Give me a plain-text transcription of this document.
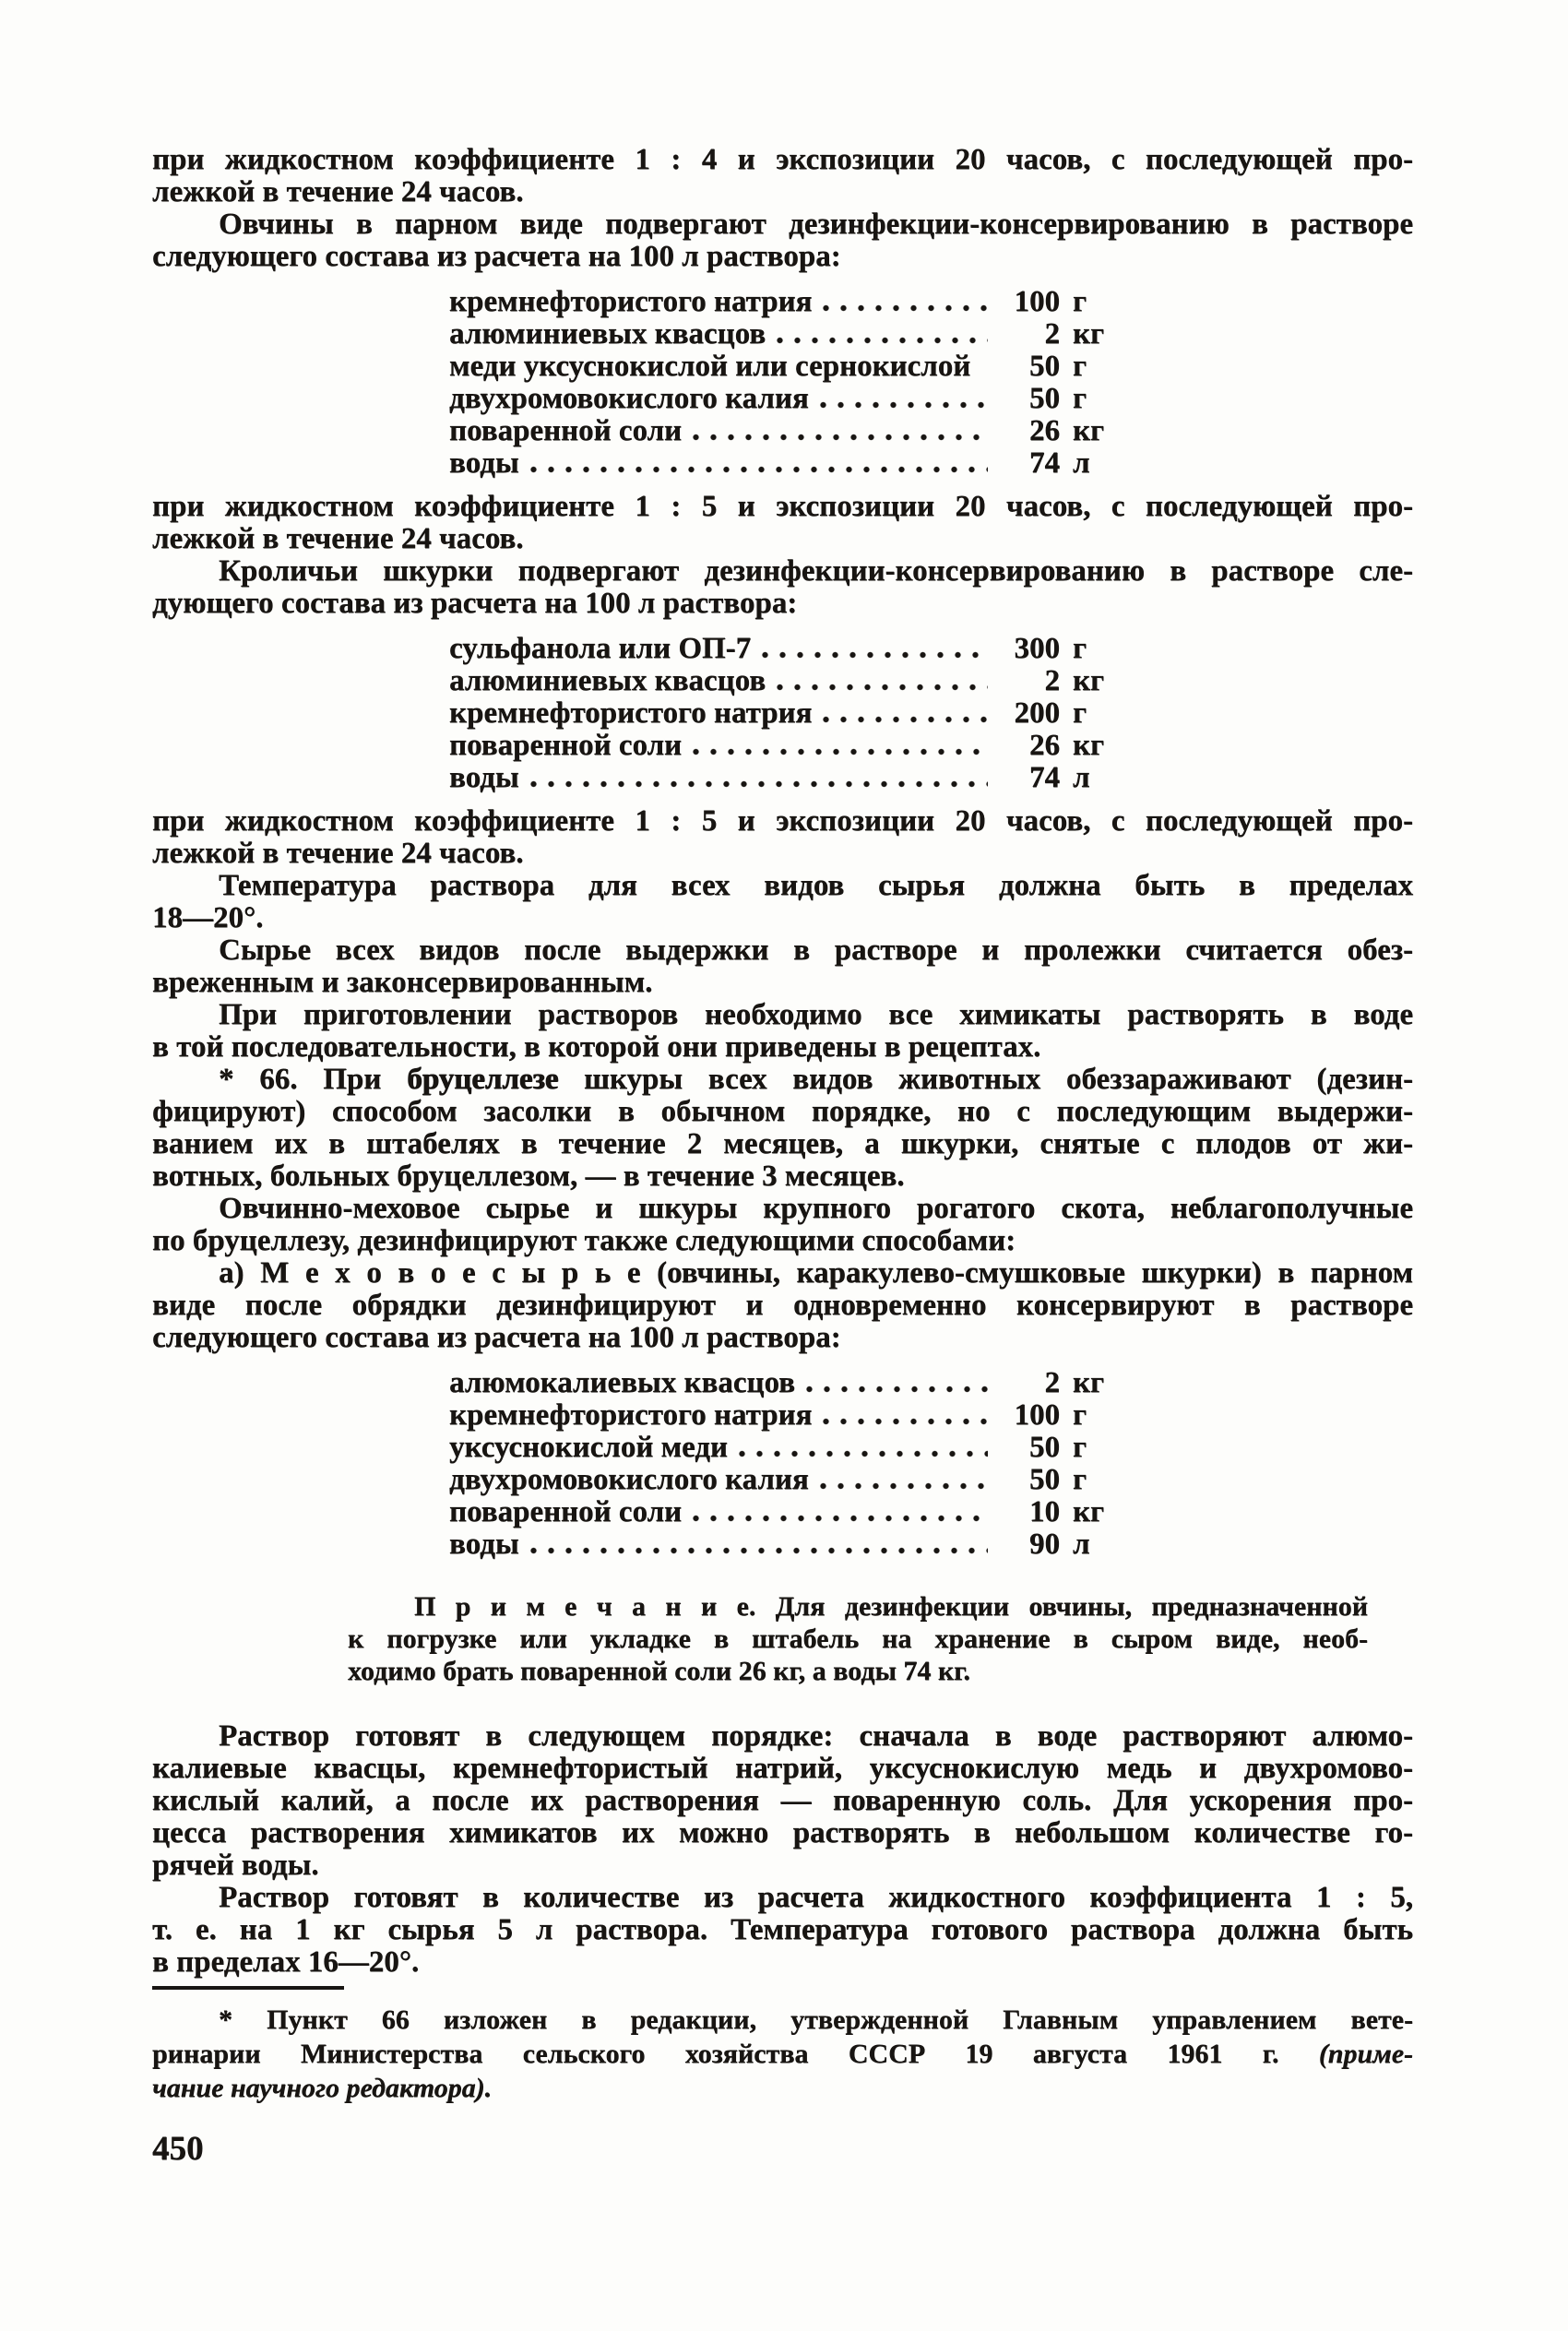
при жидкостном коэффициенте 1 : 4 и экспозиции 20 часов, с последующей про-
лежкой в течение 24 часов.
Овчины в парном виде подвергают дезинфекции-консервированию в растворе
следующего состава из расчета на 100 л раствора:
кремнефтористого натрия	100 г
алюминиевых квасцов	2 кг
меди уксуснокислой или сернокислой	50 г
двухромовокислого калия	50 г
поваренной соли	26 кг
воды	74 л
при жидкостном коэффициенте 1 : 5 и экспозиции 20 часов, с последующей про-
лежкой в течение 24 часов.
Кроличьи шкурки подвергают дезинфекции-консервированию в растворе сле-
дующего состава из расчета на 100 л раствора:
сульфанола или ОП-7	300 г
алюминиевых квасцов	2 кг
кремнефтористого натрия	200 г
поваренной соли	26 кг
воды	74 л
при жидкостном коэффициенте 1 : 5 и экспозиции 20 часов, с последующей про-
лежкой в течение 24 часов.
Температура раствора для всех видов сырья должна быть в пределах
18—20°.
Сырье всех видов после выдержки в растворе и пролежки считается обез-
вреженным и законсервированным.
При приготовлении растворов необходимо все химикаты растворять в воде
в той последовательности, в которой они приведены в рецептах.
* 66. При бруцеллезе шкуры всех видов животных обеззараживают (дезин-
фицируют) способом засолки в обычном порядке, но с последующим выдержи-
ванием их в штабелях в течение 2 месяцев, а шкурки, снятые с плодов от жи-
вотных, больных бруцеллезом, — в течение 3 месяцев.
Овчинно-меховое сырье и шкуры крупного рогатого скота, неблагополучные
по бруцеллезу, дезинфицируют также следующими способами:
а) М е х о в о е с ы р ь е (овчины, каракулево-смушковые шкурки) в парном
виде после обрядки дезинфицируют и одновременно консервируют в растворе
следующего состава из расчета на 100 л раствора:
алюмокалиевых квасцов	2 кг
кремнефтористого натрия	100 г
уксуснокислой меди	50 г
двухромовокислого калия	50 г
поваренной соли	10 кг
воды	90 л
П р и м е ч а н и е. Для дезинфекции овчины, предназначенной
к погрузке или укладке в штабель на хранение в сыром виде, необ-
ходимо брать поваренной соли 26 кг, а воды 74 кг.
Раствор готовят в следующем порядке: сначала в воде растворяют алюмо-
калиевые квасцы, кремнефтористый натрий, уксуснокислую медь и двухромово-
кислый калий, а после их растворения — поваренную соль. Для ускорения про-
цесса растворения химикатов их можно растворять в небольшом количестве го-
рячей воды.
Раствор готовят в количестве из расчета жидкостного коэффициента 1 : 5,
т. е. на 1 кг сырья 5 л раствора. Температура готового раствора должна быть
в пределах 16—20°.
* Пункт 66 изложен в редакции, утвержденной Главным управлением вете-
ринарии Министерства сельского хозяйства СССР 19 августа 1961 г. (приме-
чание научного редактора).
450
